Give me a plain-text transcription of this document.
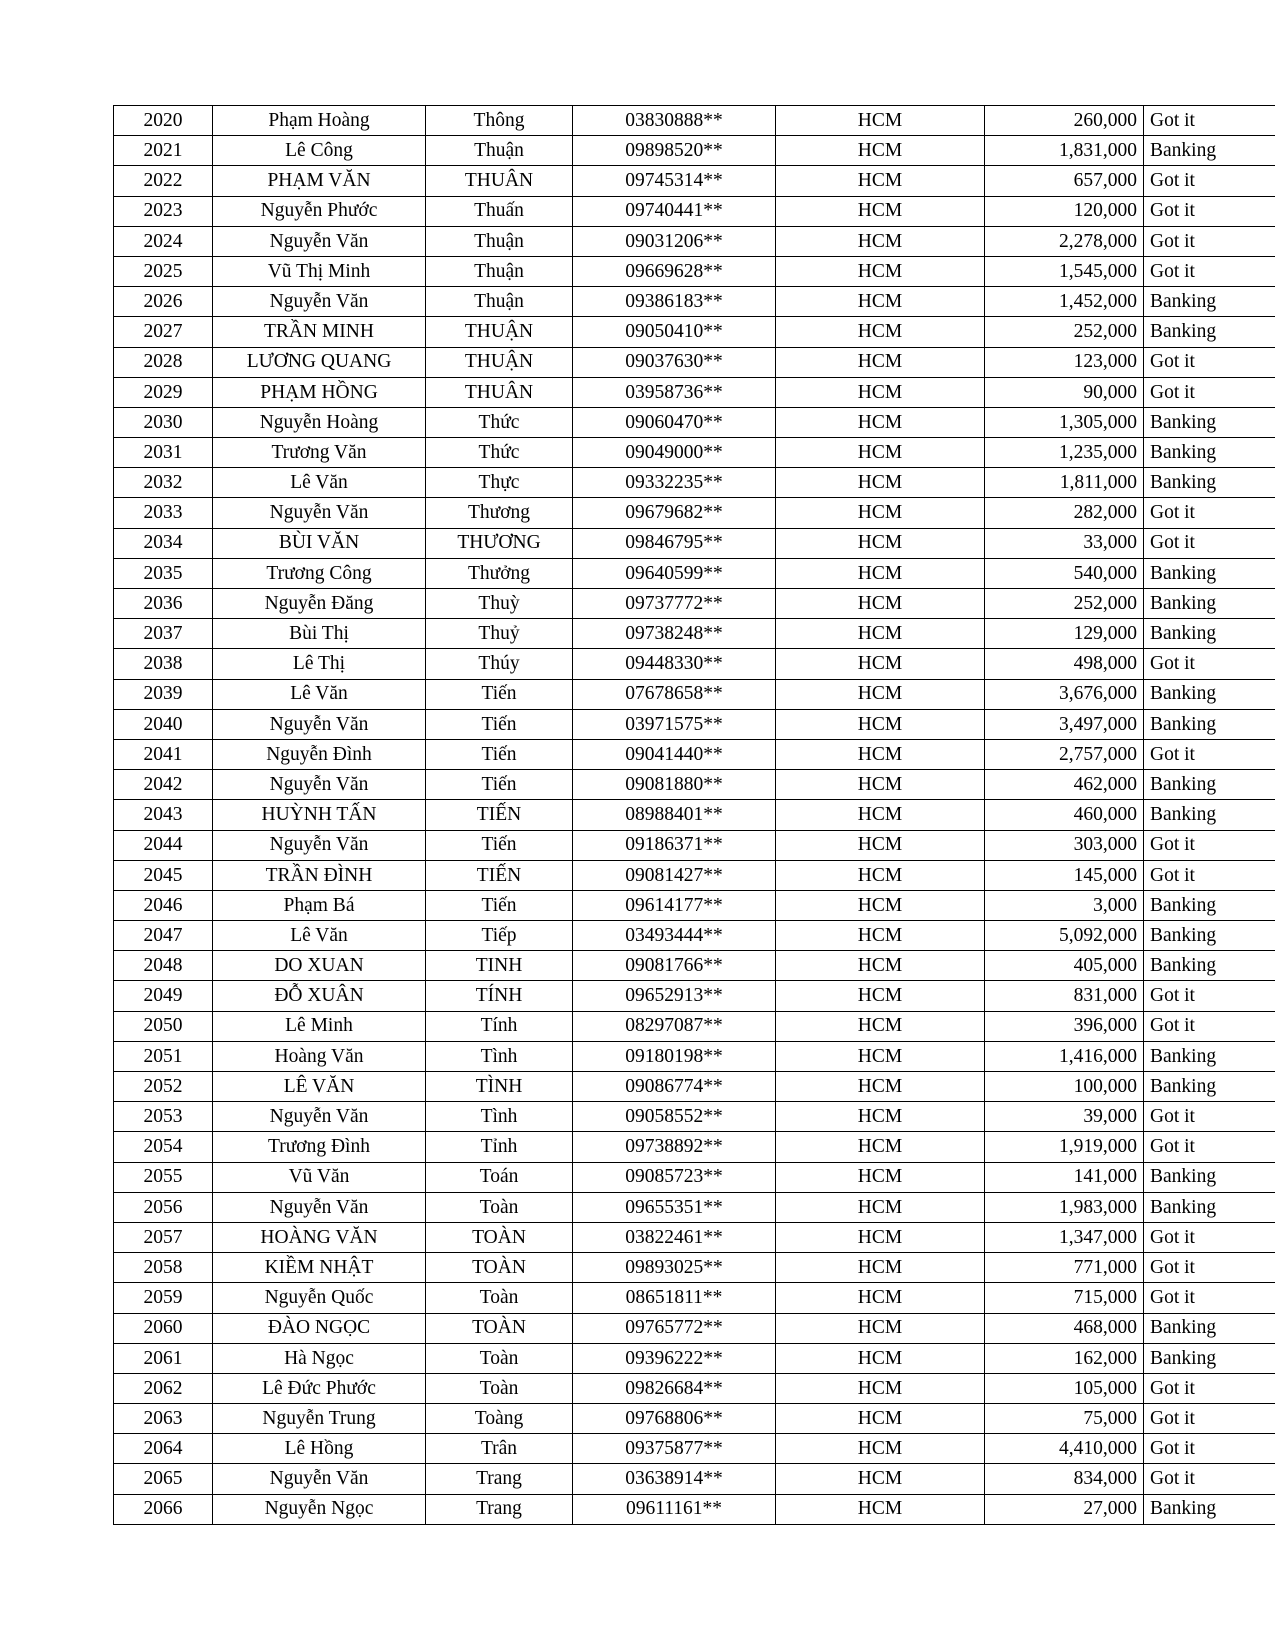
2020	Phạm Hoàng	Thông	03830888**	HCM	260,000	Got it
2021	Lê Công	Thuận	09898520**	HCM	1,831,000	Banking
2022	PHẠM VĂN	THUÂN	09745314**	HCM	657,000	Got it
2023	Nguyễn Phước	Thuấn	09740441**	HCM	120,000	Got it
2024	Nguyễn Văn	Thuận	09031206**	HCM	2,278,000	Got it
2025	Vũ Thị Minh	Thuận	09669628**	HCM	1,545,000	Got it
2026	Nguyễn Văn	Thuận	09386183**	HCM	1,452,000	Banking
2027	TRẦN MINH	THUẬN	09050410**	HCM	252,000	Banking
2028	LƯƠNG QUANG	THUẬN	09037630**	HCM	123,000	Got it
2029	PHẠM HỒNG	THUÂN	03958736**	HCM	90,000	Got it
2030	Nguyễn Hoàng	Thức	09060470**	HCM	1,305,000	Banking
2031	Trương Văn	Thức	09049000**	HCM	1,235,000	Banking
2032	Lê Văn	Thực	09332235**	HCM	1,811,000	Banking
2033	Nguyễn Văn	Thương	09679682**	HCM	282,000	Got it
2034	BÙI VĂN	THƯƠNG	09846795**	HCM	33,000	Got it
2035	Trương Công	Thưởng	09640599**	HCM	540,000	Banking
2036	Nguyễn Đăng	Thuỳ	09737772**	HCM	252,000	Banking
2037	Bùi Thị	Thuỷ	09738248**	HCM	129,000	Banking
2038	Lê Thị	Thúy	09448330**	HCM	498,000	Got it
2039	Lê Văn	Tiến	07678658**	HCM	3,676,000	Banking
2040	Nguyễn Văn	Tiến	03971575**	HCM	3,497,000	Banking
2041	Nguyễn Đình	Tiến	09041440**	HCM	2,757,000	Got it
2042	Nguyễn Văn	Tiến	09081880**	HCM	462,000	Banking
2043	HUỲNH TẤN	TIẾN	08988401**	HCM	460,000	Banking
2044	Nguyễn Văn	Tiến	09186371**	HCM	303,000	Got it
2045	TRẦN ĐÌNH	TIẾN	09081427**	HCM	145,000	Got it
2046	Phạm Bá	Tiến	09614177**	HCM	3,000	Banking
2047	Lê Văn	Tiếp	03493444**	HCM	5,092,000	Banking
2048	DO XUAN	TINH	09081766**	HCM	405,000	Banking
2049	ĐỖ XUÂN	TÍNH	09652913**	HCM	831,000	Got it
2050	Lê Minh	Tính	08297087**	HCM	396,000	Got it
2051	Hoàng Văn	Tình	09180198**	HCM	1,416,000	Banking
2052	LÊ VĂN	TÌNH	09086774**	HCM	100,000	Banking
2053	Nguyễn Văn	Tình	09058552**	HCM	39,000	Got it
2054	Trương Đình	Tỉnh	09738892**	HCM	1,919,000	Got it
2055	Vũ Văn	Toán	09085723**	HCM	141,000	Banking
2056	Nguyễn Văn	Toàn	09655351**	HCM	1,983,000	Banking
2057	HOÀNG VĂN	TOÀN	03822461**	HCM	1,347,000	Got it
2058	KIỀM NHẬT	TOÀN	09893025**	HCM	771,000	Got it
2059	Nguyễn Quốc	Toàn	08651811**	HCM	715,000	Got it
2060	ĐÀO NGỌC	TOÀN	09765772**	HCM	468,000	Banking
2061	Hà Ngọc	Toàn	09396222**	HCM	162,000	Banking
2062	Lê Đức Phước	Toàn	09826684**	HCM	105,000	Got it
2063	Nguyễn Trung	Toàng	09768806**	HCM	75,000	Got it
2064	Lê Hồng	Trân	09375877**	HCM	4,410,000	Got it
2065	Nguyễn Văn	Trang	03638914**	HCM	834,000	Got it
2066	Nguyễn Ngọc	Trang	09611161**	HCM	27,000	Banking
